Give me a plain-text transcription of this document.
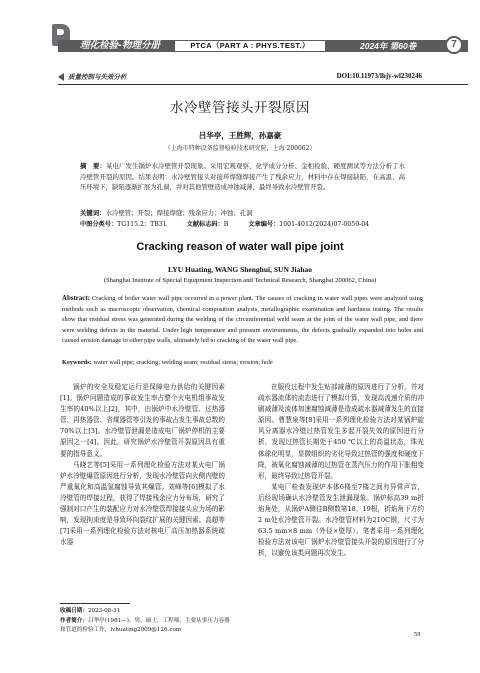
理化检验-物理分册	PTCA（PART A : PHYS.TEST.）	2024年 第60卷	7
质量控制与失效分析	DOI:10.11973/lhjy-wl230246
水冷壁管接头开裂原因
吕华亭，王胜辉，孙嘉豪
（上海市特种设备监督检验技术研究院，上海 200062）
摘　要：某电厂发生锅炉水冷壁管开裂现象。采用宏观观察、化学成分分析、金相检验、硬度测试等方法分析了水冷壁管开裂的原因。结果表明：水冷壁管接头对接环焊缝焊接产生了残余应力，材料中存在焊接缺陷，在高温、高压环境下，缺陷逐渐扩展为孔洞，并对其他管壁造成冲蚀减薄，最终导致水冷壁管开裂。
关键词：水冷壁管；开裂；焊接焊缝；残余应力；冲蚀；孔洞
中图分类号：TG115.2；TB31	文献标志码：B	文章编号：1001-4012(2024)07-0059-04
Cracking reason of water wall pipe joint
LYU Huating, WANG Shenghui, SUN Jiahao
(Shanghai Institute of Special Equipment Inspection and Technical Research, Shanghai 200062, China)
Abstract: Cracking of boiler water wall pipe occurred in a power plant. The causes of cracking in water wall pipes were analyzed using methods such as macroscopic observation, chemical composition analysis, metallographic examination and hardness testing. The results show that residual stress was generated during the welding of the circumferential weld seam at the joint of the water wall pipe, and there were welding defects in the material. Under high temperature and pressure environments, the defects gradually expanded into holes and caused erosion damage to other pipe walls, ultimately led to cracking of the water wall pipe.
Keywords: water wall pipe; cracking; welding seam; residual stress; erosion; hole

锅炉的安全及稳定运行是保障电力供给的关键因素[1]。锅炉问题造成的事故发生率占整个火电机组事故发生率的40%以上[2]，其中，由锅炉中水冷壁管、过热器管、再热器管、省煤器管等引发的事故占发生事故总数的70%以上[3]。水冷壁管泄漏是造成电厂锅炉停机的主要原因之一[4]。因此，研究锅炉水冷壁管开裂原因具有重要的指导意义。

马晓艺等[5]采用一系列理化检验方法对某火电厂锅炉水冷壁爆管原因进行分析，发现水冷壁管向火侧内壁的严重氧化和高温氢腐蚀导致其爆管。刘峰等[6]模拟了水冷壁管的焊接过程，获得了焊接残余应力分布场，研究了强制对口产生的装配应力对水冷壁管焊接接头应力场的影响，发现拘束度是导致环向裂纹扩展的关键因素。高超等[7]采用一系列理化检验方法对核电厂高压加热器系统疏水器

在服役过程中发生贴部减薄的原因进行了分析，并对疏水器流体的流态进行了模拟计算，发现高流速介质的冲刷减薄及流体加速腐蚀减薄是造成疏水器减薄发生的直接原因。曹慧泉等[8]采用一系列理化检验方法对某锅炉旋风分离器水冷壁过热管发生多起开裂失效的原因进行分析，发现过热管长期处于450 ℃以上的高温状态，珠光体球化明显，显微组织的劣化导致过热管的强度和硬度下降，被氧化腐蚀减薄的过热管在蒸汽压力的作用下胀粗变形，最终导致过热管开裂。

某电厂检查发现炉本体6楼至7楼之间有异常声音，后经现场确认水冷壁管发生泄漏现象。锅炉标高39 m折焰角处，从锅炉A侧往B侧数第18，19根，折焰角下方约2 m处水冷壁管开裂。水冷壁管材料为210C钢，尺寸为63.5 mm×8 mm（外径×壁厚）。笔者采用一系列理化检验方法对该电厂锅炉水冷壁管接头开裂的原因进行了分析，以避免该类问题再次发生。

收稿日期：2023-08-31
作者简介：吕华亭(1981—)，男，硕士，工程师，主要从事压力容器和管道的检验工作，lvhuating2009@126.com
59
